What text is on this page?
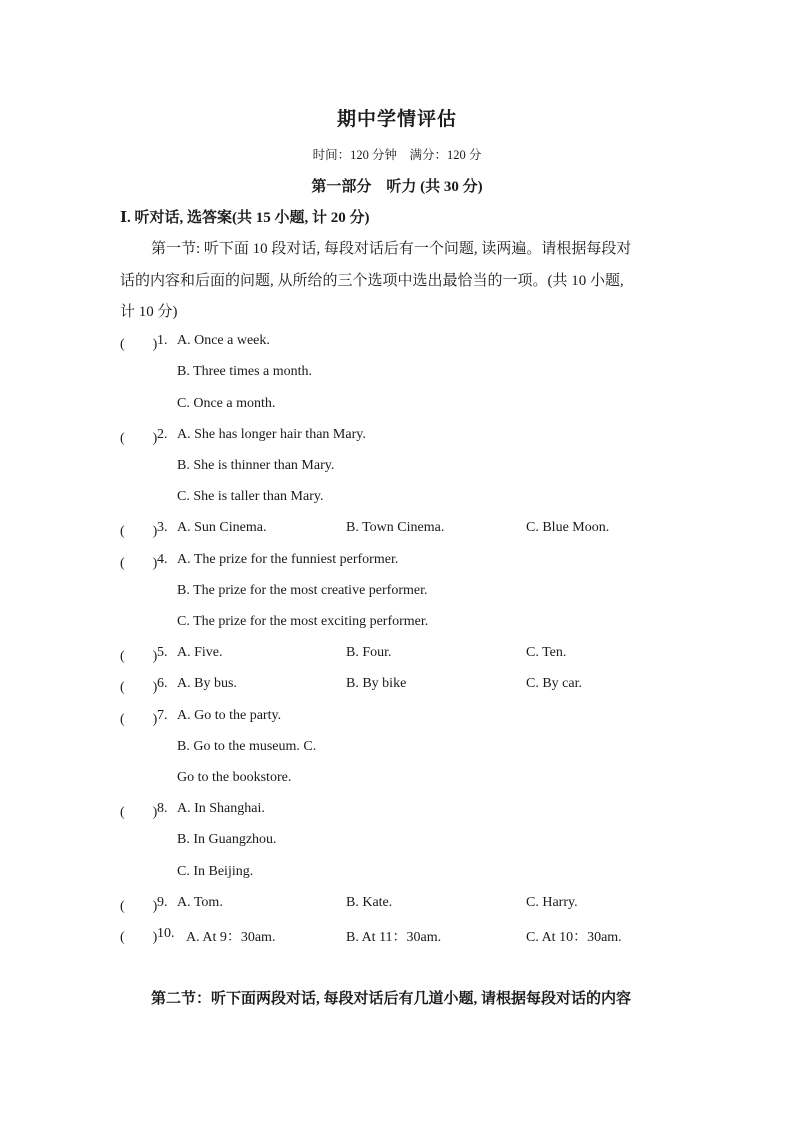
期中学情评估
时间：120 分钟　满分：120 分
第一部分　听力 (共 30 分)
Ⅰ. 听对话, 选答案(共 15 小题, 计 20 分)
第一节: 听下面 10 段对话, 每段对话后有一个问题, 读两遍。请根据每段对
话的内容和后面的问题, 从所给的三个选项中选出最恰当的一项。(共 10 小题,
计 10 分)
(　　) 1. A. Once a week.
B. Three times a month.
C. Once a month.
(　　) 2. A. She has longer hair than Mary.
B. She is thinner than Mary.
C. She is taller than Mary.
(　　) 3. A. Sun Cinema.	B. Town Cinema.	C. Blue Moon.
(　　) 4. A. The prize for the funniest performer.
B. The prize for the most creative performer.
C. The prize for the most exciting performer.
(　　) 5. A. Five.	B. Four.	C. Ten.
(　　) 6. A. By bus.	B. By bike	C. By car.
(　　) 7. A. Go to the party.
B. Go to the museum. C.
Go to the bookstore.
(　　) 8. A. In Shanghai.
B. In Guangzhou.
C. In Beijing.
(　　) 9. A. Tom.	B. Kate.	C. Harry.
(　　) 10. A. At 9：30am.	B. At 11：30am.	C. At 10：30am.
第二节：听下面两段对话, 每段对话后有几道小题, 请根据每段对话的内容
